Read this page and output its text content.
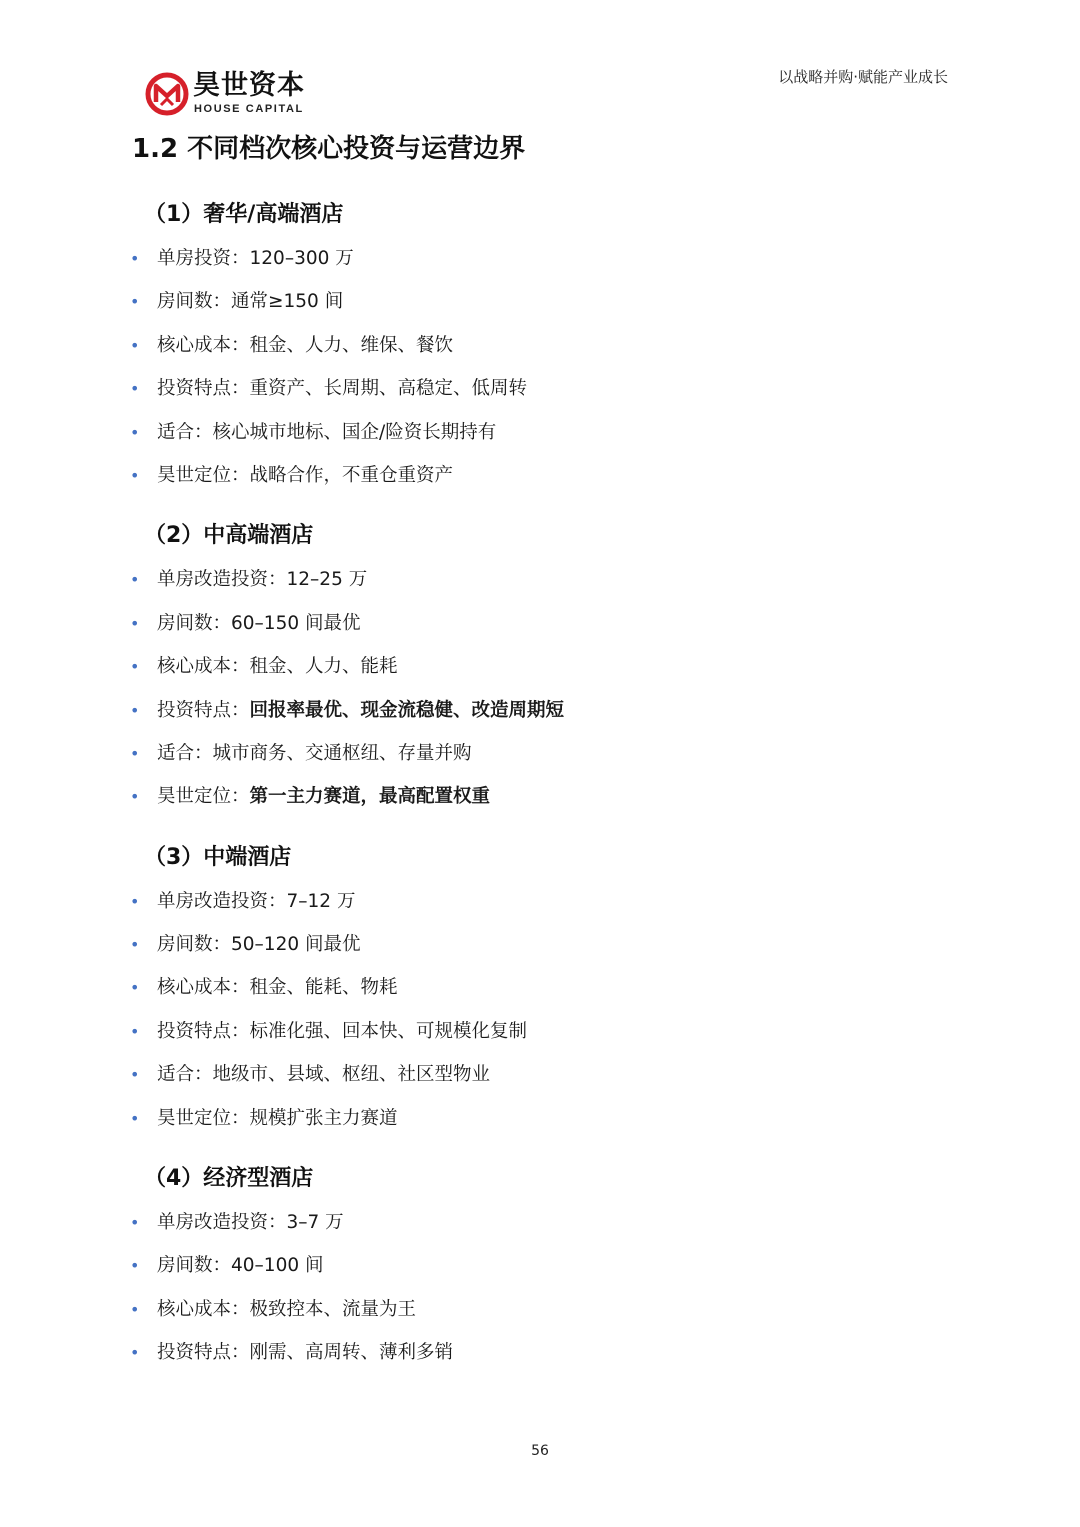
昊世资本
HOUSE CAPITAL
以战略并购·赋能产业成长
1.2 不同档次核心投资与运营边界
（1）奢华/高端酒店
• 单房投资：120–300 万
• 房间数：通常≥150 间
• 核心成本：租金、人力、维保、餐饮
• 投资特点：重资产、长周期、高稳定、低周转
• 适合：核心城市地标、国企/险资长期持有
• 昊世定位：战略合作，不重仓重资产
（2）中高端酒店
• 单房改造投资：12–25 万
• 房间数：60–150 间最优
• 核心成本：租金、人力、能耗
• 投资特点：回报率最优、现金流稳健、改造周期短
• 适合：城市商务、交通枢纽、存量并购
• 昊世定位：第一主力赛道，最高配置权重
（3）中端酒店
• 单房改造投资：7–12 万
• 房间数：50–120 间最优
• 核心成本：租金、能耗、物耗
• 投资特点：标准化强、回本快、可规模化复制
• 适合：地级市、县域、枢纽、社区型物业
• 昊世定位：规模扩张主力赛道
（4）经济型酒店
• 单房改造投资：3–7 万
• 房间数：40–100 间
• 核心成本：极致控本、流量为王
• 投资特点：刚需、高周转、薄利多销
56
